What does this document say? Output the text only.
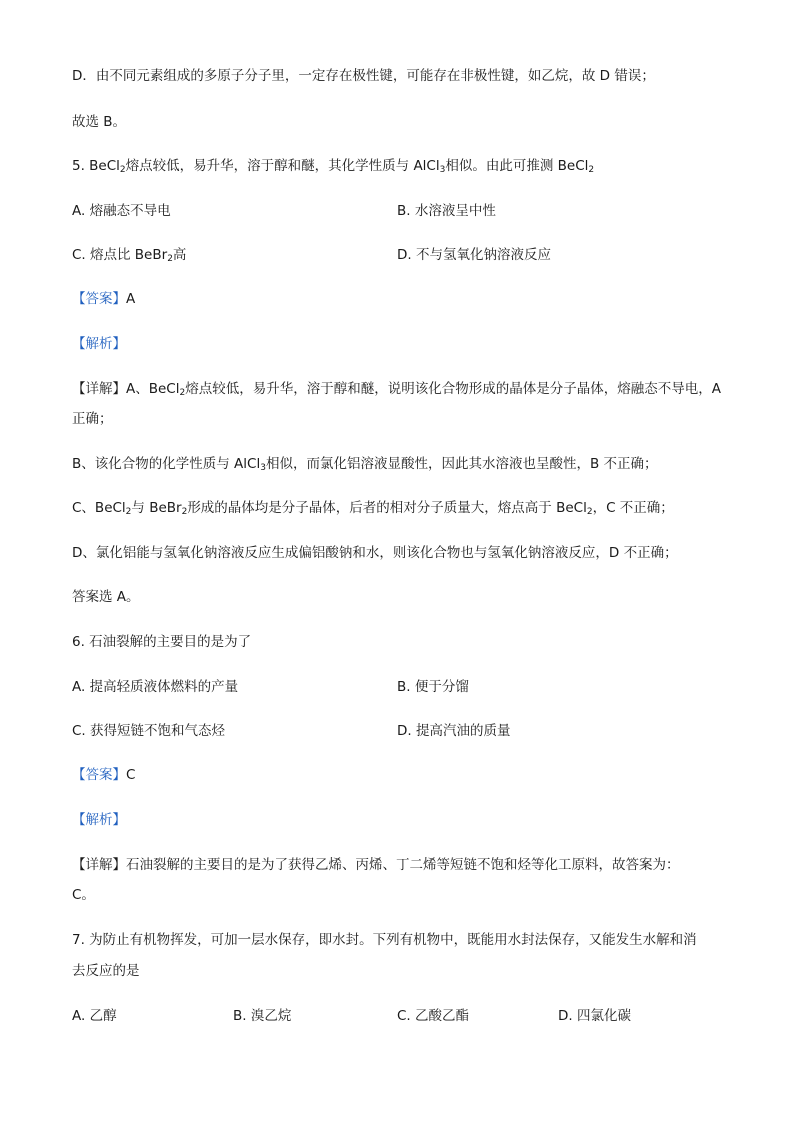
D．由不同元素组成的多原子分子里，一定存在极性键，可能存在非极性键，如乙烷，故 D 错误；
故选 B。
5. BeCl$_2$熔点较低，易升华，溶于醇和醚，其化学性质与 AlCl$_3$相似。由此可推测 BeCl$_2$
A. 熔融态不导电	B. 水溶液呈中性
C. 熔点比 BeBr$_2$高	D. 不与氢氧化钠溶液反应
【答案】A
【解析】
【详解】A、BeCl$_2$熔点较低，易升华，溶于醇和醚，说明该化合物形成的晶体是分子晶体，熔融态不导电，A
正确；
B、该化合物的化学性质与 AlCl$_3$相似，而氯化铝溶液显酸性，因此其水溶液也呈酸性，B 不正确；
C、BeCl$_2$与 BeBr$_2$形成的晶体均是分子晶体，后者的相对分子质量大，熔点高于 BeCl$_2$，C 不正确；
D、氯化铝能与氢氧化钠溶液反应生成偏铝酸钠和水，则该化合物也与氢氧化钠溶液反应，D 不正确；
答案选 A。
6. 石油裂解的主要目的是为了
A. 提高轻质液体燃料的产量	B. 便于分馏
C. 获得短链不饱和气态烃	D. 提高汽油的质量
【答案】C
【解析】
【详解】石油裂解的主要目的是为了获得乙烯、丙烯、丁二烯等短链不饱和烃等化工原料，故答案为：
C。
7. 为防止有机物挥发，可加一层水保存，即水封。下列有机物中，既能用水封法保存，又能发生水解和消
去反应的是
A. 乙醇	B. 溴乙烷	C. 乙酸乙酯	D. 四氯化碳
